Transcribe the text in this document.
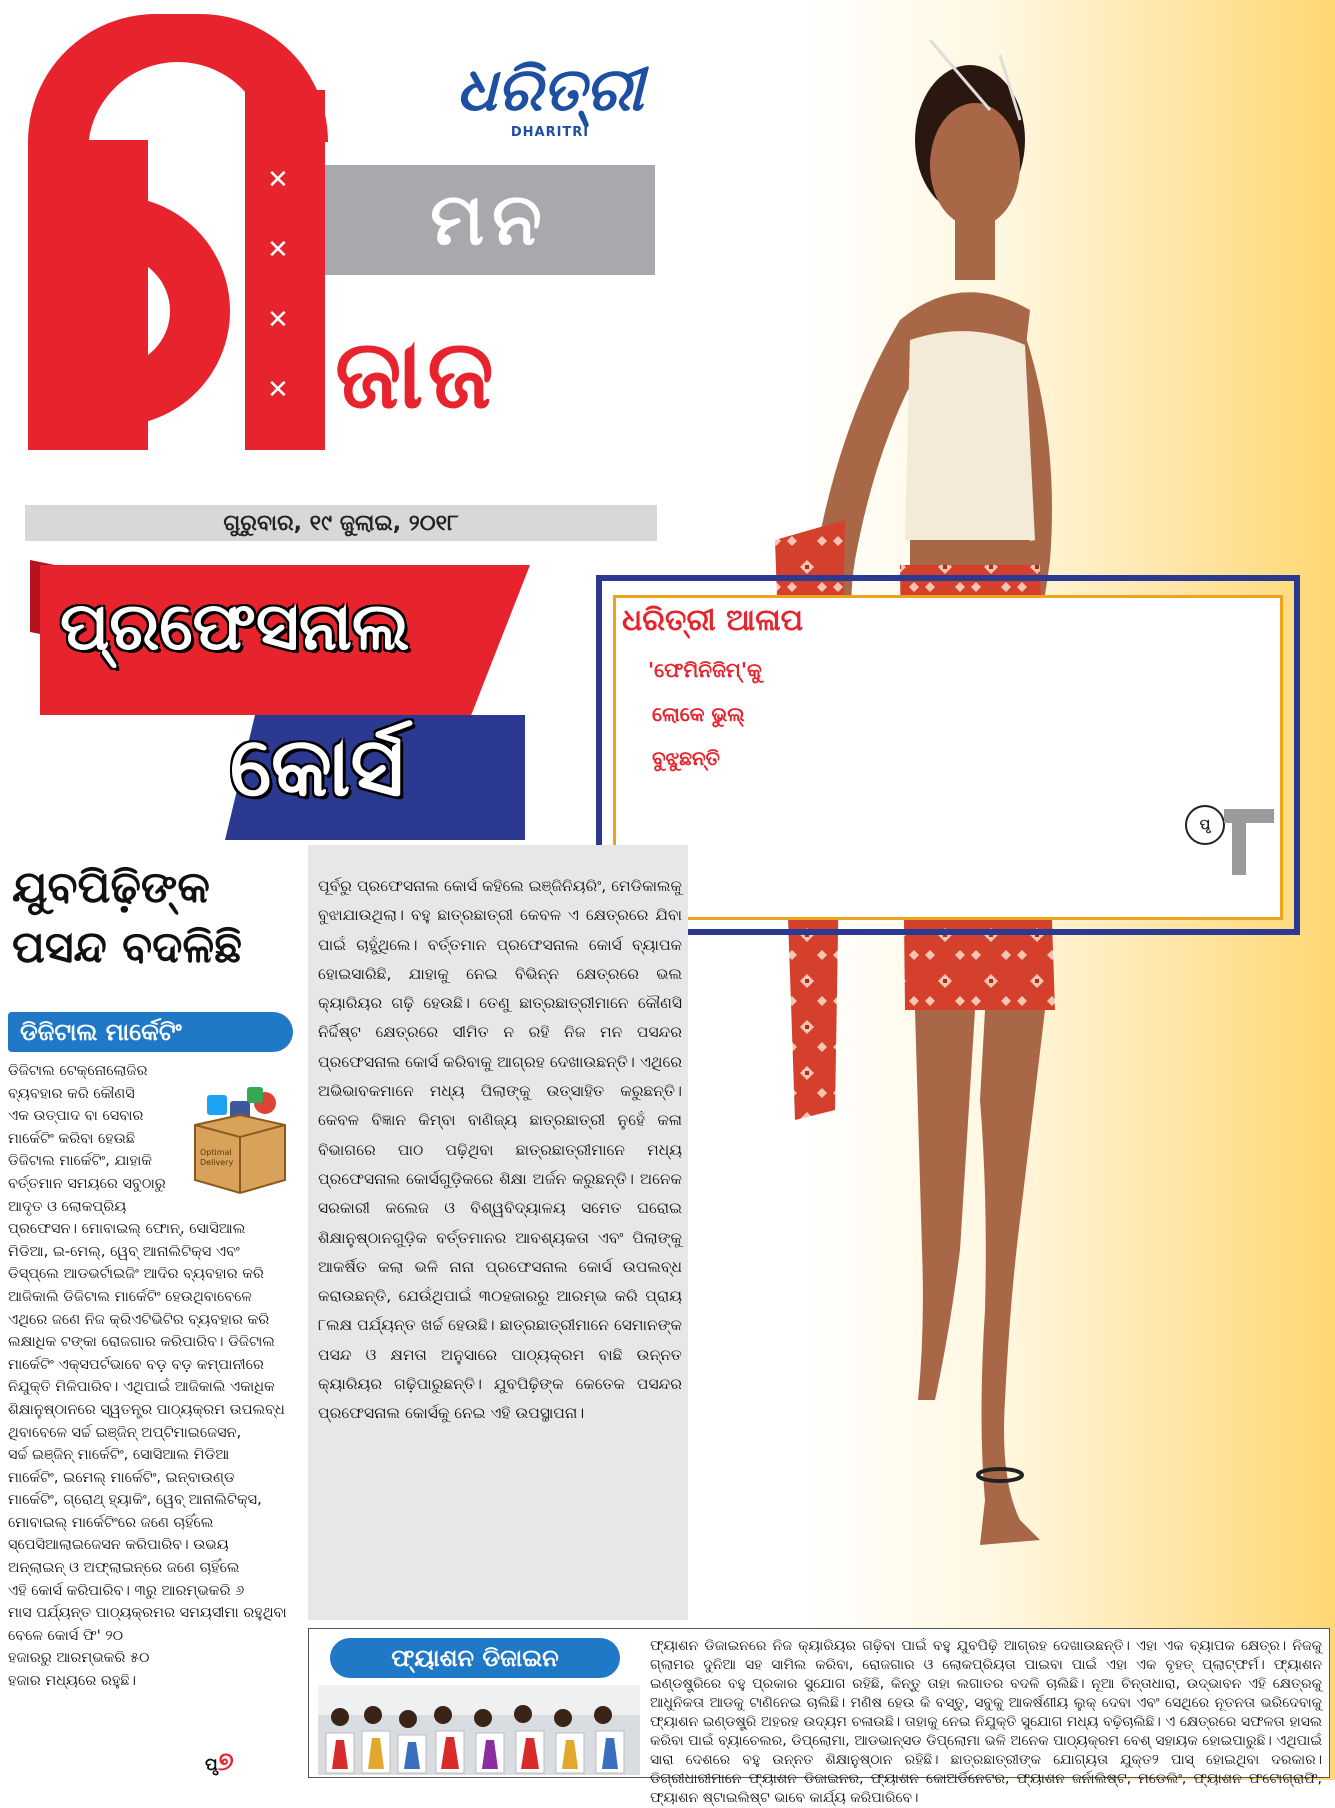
✕
✕
✕
✕
ମନ
ଜାଜ
ଧରିତ୍ରୀ
DHARITRI
ଗୁରୁବାର, ୧୯ ଜୁଲାଇ, ୨୦୧୮
ପ୍ରଫେସନାଲ
କୋର୍ସ
ଯୁବପିଢ଼ିଙ୍କ
ପସନ୍ଦ ବଦଳିଛି
ଧରିତ୍ରୀ ଆଳାପ
'ଫେମିନିଜିମ୍'କୁ
ଲୋକେ ଭୁଲ୍
ବୁଝୁଛନ୍ତି
ପୃ
ଡିଜିଟାଲ ମାର୍କେଟିଂ
Optimal
Delivery

ଡିଜିଟାଲ ଟେକ୍ନୋଲୋଜିର

ବ୍ୟବହାର କରି କୌଣସି

ଏକ ଉତ୍ପାଦ ବା ସେବାର

ମାର୍କେଟିଂ କରିବା ହେଉଛି

ଡିଜିଟାଲ ମାର୍କେଟିଂ, ଯାହାକି

ବର୍ତ୍ତମାନ ସମୟରେ ସବୁଠାରୁ

ଆଦୃତ ଓ ଲୋକପ୍ରିୟ

ପ୍ରଫେସନ। ମୋବାଇଲ୍ ଫୋନ୍, ସୋସିଆଲ

ମିଡିଆ, ଇ-ମେଲ୍, ୱେବ୍ ଆନାଲିଟିକ୍ସ ଏବଂ

ଡିସ୍‌ପ୍ଲେ ଆଡଭର୍ଟାଇଜିଂ ଆଦିର ବ୍ୟବହାର କରି

ଆଜିକାଲି ଡିଜିଟାଲ ମାର୍କେଟିଂ ହେଉଥିବାବେଳେ

ଏଥିରେ ଜଣେ ନିଜ କ୍ରିଏଟିଭିଟିର ବ୍ୟବହାର କରି

ଲକ୍ଷାଧିକ ଟଙ୍କା ରୋଜଗାର କରିପାରିବ। ଡିଜିଟାଲ

ମାର୍କେଟିଂ ଏକ୍ସପର୍ଟଭାବେ ବଡ଼ ବଡ଼ କମ୍ପାନୀରେ

ନିଯୁକ୍ତି ମିଳିପାରିବ। ଏଥିପାଇଁ ଆଜିକାଲି ଏକାଧିକ

ଶିକ୍ଷାନୁଷ୍ଠାନରେ ସ୍ୱତନ୍ତ୍ର ପାଠ୍ୟକ୍ରମ ଉପଲବ୍ଧ

ଥିବାବେଳେ ସର୍ଚ୍ଚ ଇଞ୍ଜିନ୍ ଅପ୍ଟିମାଇଜେସନ,

ସର୍ଚ୍ଚ ଇଞ୍ଜିନ୍ ମାର୍କେଟିଂ, ସୋସିଆଲ ମିଡିଆ

ମାର୍କେଟିଂ, ଇମେଲ୍ ମାର୍କେଟିଂ, ଇନ୍‌ବାଉଣ୍ଡ

ମାର୍କେଟିଂ, ଗ୍ରୋଥ୍ ହ୍ୟାକିଂ, ୱେବ୍ ଆନାଲିଟିକ୍ସ,

ମୋବାଇଲ୍ ମାର୍କେଟିଂରେ ଜଣେ ଚାହିଁଲେ

ସ୍ପେସିଆଲାଇଜେସନ କରିପାରିବ। ଉଭୟ

ଅନ୍‌ଲାଇନ୍ ଓ ଅଫ୍‌ଲାଇନ୍‌ରେ ଜଣେ ଚାହିଁଲେ

ଏହି କୋର୍ସ କରିପାରିବ। ୩ରୁ ଆରମ୍ଭକରି ୬

ମାସ ପର୍ଯ୍ୟନ୍ତ ପାଠ୍ୟକ୍ରମର ସମୟସୀମା ରହୁଥିବା

ବେଳେ କୋର୍ସ ଫି' ୨୦

ହଜାରରୁ ଆରମ୍ଭକରି ୫୦

ହଜାର ମଧ୍ୟରେ ରହୁଛି।

ପୃ୭
ପୂର୍ବରୁ ପ୍ରଫେସନାଲ କୋର୍ସ କହିଲେ ଇଞ୍ଜିନିୟରିଂ, ମେଡିକାଲକୁ ବୁଝାଯାଉଥିଲା। ବହୁ ଛାତ୍ରଛାତ୍ରୀ କେବଳ ଏ କ୍ଷେତ୍ରରେ ଯିବା ପାଇଁ ଚାହୁଁଥିଲେ। ବର୍ତ୍ତମାନ ପ୍ରଫେସନାଲ କୋର୍ସ ବ୍ୟାପକ ହୋଇସାରିଛି, ଯାହାକୁ ନେଇ ବିଭିନ୍ନ କ୍ଷେତ୍ରରେ ଭଲ କ୍ୟାରିୟର ଗଢ଼ି ହେଉଛି। ତେଣୁ ଛାତ୍ରଛାତ୍ରୀମାନେ କୌଣସି ନିର୍ଦ୍ଦିଷ୍ଟ କ୍ଷେତ୍ରରେ ସୀମିତ ନ ରହି ନିଜ ମନ ପସନ୍ଦର ପ୍ରଫେସନାଲ କୋର୍ସ କରିବାକୁ ଆଗ୍ରହ ଦେଖାଉଛନ୍ତି। ଏଥିରେ ଅଭିଭାବକମାନେ ମଧ୍ୟ ପିଲାଙ୍କୁ ଉତ୍ସାହିତ କରୁଛନ୍ତି। କେବଳ ବିଜ୍ଞାନ କିମ୍ବା ବାଣିଜ୍ୟ ଛାତ୍ରଛାତ୍ରୀ ନୁହେଁ କଳା ବିଭାଗରେ ପାଠ ପଢ଼ିଥିବା ଛାତ୍ରଛାତ୍ରୀମାନେ ମଧ୍ୟ ପ୍ରଫେସନାଲ କୋର୍ସଗୁଡ଼ିକରେ ଶିକ୍ଷା ଅର୍ଜନ କରୁଛନ୍ତି। ଅନେକ ସରକାରୀ କଲେଜ ଓ ବିଶ୍ୱବିଦ୍ୟାଳୟ ସମେତ ଘରୋଇ ଶିକ୍ଷାନୁଷ୍ଠାନଗୁଡ଼ିକ ବର୍ତ୍ତମାନର ଆବଶ୍ୟକତା ଏବଂ ପିଲାଙ୍କୁ ଆକର୍ଷିତ କଲା ଭଳି ନାନା ପ୍ରଫେସନାଲ କୋର୍ସ ଉପଲବ୍ଧ କରାଉଛନ୍ତି, ଯେଉଁଥିପାଇଁ ୩୦ହଜାରରୁ ଆରମ୍ଭ କରି ପ୍ରାୟ ୮ଲକ୍ଷ ପର୍ଯ୍ୟନ୍ତ ଖର୍ଚ୍ଚ ହେଉଛି। ଛାତ୍ରଛାତ୍ରୀମାନେ ସେମାନଙ୍କ ପସନ୍ଦ ଓ କ୍ଷମତା ଅନୁସାରେ ପାଠ୍ୟକ୍ରମ ବାଛି ଉନ୍ନତ କ୍ୟାରିୟର ଗଢ଼ିପାରୁଛନ୍ତି। ଯୁବପିଢ଼ିଙ୍କ କେତେକ ପସନ୍ଦର ପ୍ରଫେସନାଲ କୋର୍ସକୁ ନେଇ ଏହି ଉପସ୍ଥାପନା।
ଫ୍ୟାଶନ ଡିଜାଇନ	ଫ୍ୟାଶନ ଡିଜାଇନରେ ନିଜ କ୍ୟାରିୟର ଗଢ଼ିବା ପାଇଁ ବହୁ ଯୁବପିଢ଼ି ଆଗ୍ରହ ଦେଖାଉଛନ୍ତି। ଏହା ଏକ ବ୍ୟାପକ କ୍ଷେତ୍ର। ନିଜକୁ ଗ୍ଲାମର ଦୁନିଆ ସହ ସାମିଲ କରିବା, ରୋଜଗାର ଓ ଲୋକପ୍ରିୟତା ପାଇବା ପାଇଁ ଏହା ଏକ ବୃହତ୍ ପ୍ଲାଟ୍‌ଫର୍ମ। ଫ୍ୟାଶନ ଇଣ୍ଡଷ୍ଟ୍ରିରେ ବହୁ ପ୍ରକାର ସୁଯୋଗ ରହିଛି, କିନ୍ତୁ ତାହା ଲଗାତର ବଦଳି ଚାଲିଛି। ନୂଆ ଚିନ୍ତାଧାରା, ଉଦ୍ଭାବନ ଏହି କ୍ଷେତ୍ରକୁ ଆଧୁନିକତା ଆଡକୁ ଟାଣିନେଇ ଚାଲିଛି। ମଣିଷ ହେଉ କି ବସ୍ତୁ, ସବୁକୁ ଆକର୍ଷଣୀୟ ଲୁକ୍ ଦେବା ଏବଂ ସେଥିରେ ନୂତନତା ଭରିଦେବାକୁ ଫ୍ୟାଶନ ଇଣ୍ଡଷ୍ଟ୍ରି ଅହରହ ଉଦ୍ୟମ ଚଳାଉଛି। ତାହାକୁ ନେଇ ନିଯୁକ୍ତି ସୁଯୋଗ ମଧ୍ୟ ବଢ଼ିଚାଲିଛି। ଏ କ୍ଷେତ୍ରରେ ସଫଳତା ହାସଲ କରିବା ପାଇଁ ବ୍ୟାଚେଲର, ଡିପ୍ଲୋମା, ଆଡଭାନ୍ସଡ ଡିପ୍ଲୋମା ଭଳି ଅନେକ ପାଠ୍ୟକ୍ରମ ବେଶ୍ ସହାୟକ ହୋଇପାରୁଛି। ଏଥିପାଇଁ ସାରା ଦେଶରେ ବହୁ ଉନ୍ନତ ଶିକ୍ଷାନୁଷ୍ଠାନ ରହିଛି। ଛାତ୍ରଛାତ୍ରୀଙ୍କ ଯୋଗ୍ୟତା ଯୁକ୍ତ୨ ପାସ୍ ହୋଇଥିବା ଦରକାର। ଡିଗ୍ରୀଧାରୀମାନେ ଫ୍ୟାଶନ ଡିଜାଇନର, ଫ୍ୟାଶନ କୋଅର୍ଡିନେଟର, ଫ୍ୟାଶନ ଜର୍ନାଲିଷ୍ଟ, ମଡେଲିଂ, ଫ୍ୟାଶନ ଫଟୋଗ୍ରାଫି, ଫ୍ୟାଶନ ଷ୍ଟାଇଲିଷ୍ଟ ଭାବେ କାର୍ଯ୍ୟ କରିପାରିବେ।
